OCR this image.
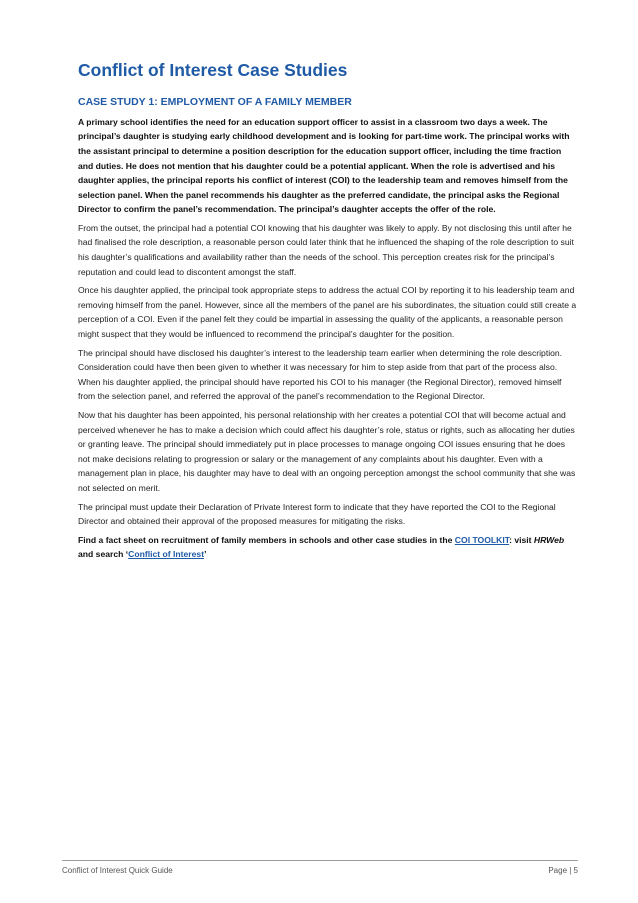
Conflict of Interest Case Studies
CASE STUDY 1: EMPLOYMENT OF A FAMILY MEMBER

A primary school identifies the need for an education support officer to assist in a classroom two days a week. The principal’s daughter is studying early childhood development and is looking for part-time work. The principal works with the assistant principal to determine a position description for the education support officer, including the time fraction and duties. He does not mention that his daughter could be a potential applicant. When the role is advertised and his daughter applies, the principal reports his conflict of interest (COI) to the leadership team and removes himself from the selection panel. When the panel recommends his daughter as the preferred candidate, the principal asks the Regional Director to confirm the panel’s recommendation. The principal’s daughter accepts the offer of the role.

From the outset, the principal had a potential COI knowing that his daughter was likely to apply. By not disclosing this until after he had finalised the role description, a reasonable person could later think that he influenced the shaping of the role description to suit his daughter’s qualifications and availability rather than the needs of the school. This perception creates risk for the principal’s reputation and could lead to discontent amongst the staff.

Once his daughter applied, the principal took appropriate steps to address the actual COI by reporting it to his leadership team and removing himself from the panel. However, since all the members of the panel are his subordinates, the situation could still create a perception of a COI. Even if the panel felt they could be impartial in assessing the quality of the applicants, a reasonable person might suspect that they would be influenced to recommend the principal’s daughter for the position.

The principal should have disclosed his daughter’s interest to the leadership team earlier when determining the role description. Consideration could have then been given to whether it was necessary for him to step aside from that part of the process also. When his daughter applied, the principal should have reported his COI to his manager (the Regional Director), removed himself from the selection panel, and referred the approval of the panel’s recommendation to the Regional Director.

Now that his daughter has been appointed, his personal relationship with her creates a potential COI that will become actual and perceived whenever he has to make a decision which could affect his daughter’s role, status or rights, such as allocating her duties or granting leave. The principal should immediately put in place processes to manage ongoing COI issues ensuring that he does not make decisions relating to progression or salary or the management of any complaints about his daughter. Even with a management plan in place, his daughter may have to deal with an ongoing perception amongst the school community that she was not selected on merit.

The principal must update their Declaration of Private Interest form to indicate that they have reported the COI to the Regional Director and obtained their approval of the proposed measures for mitigating the risks.

Find a fact sheet on recruitment of family members in schools and other case studies in the COI TOOLKIT: visit HRWeb and search ‘Conflict of Interest’

Conflict of Interest Quick Guide	Page | 5
